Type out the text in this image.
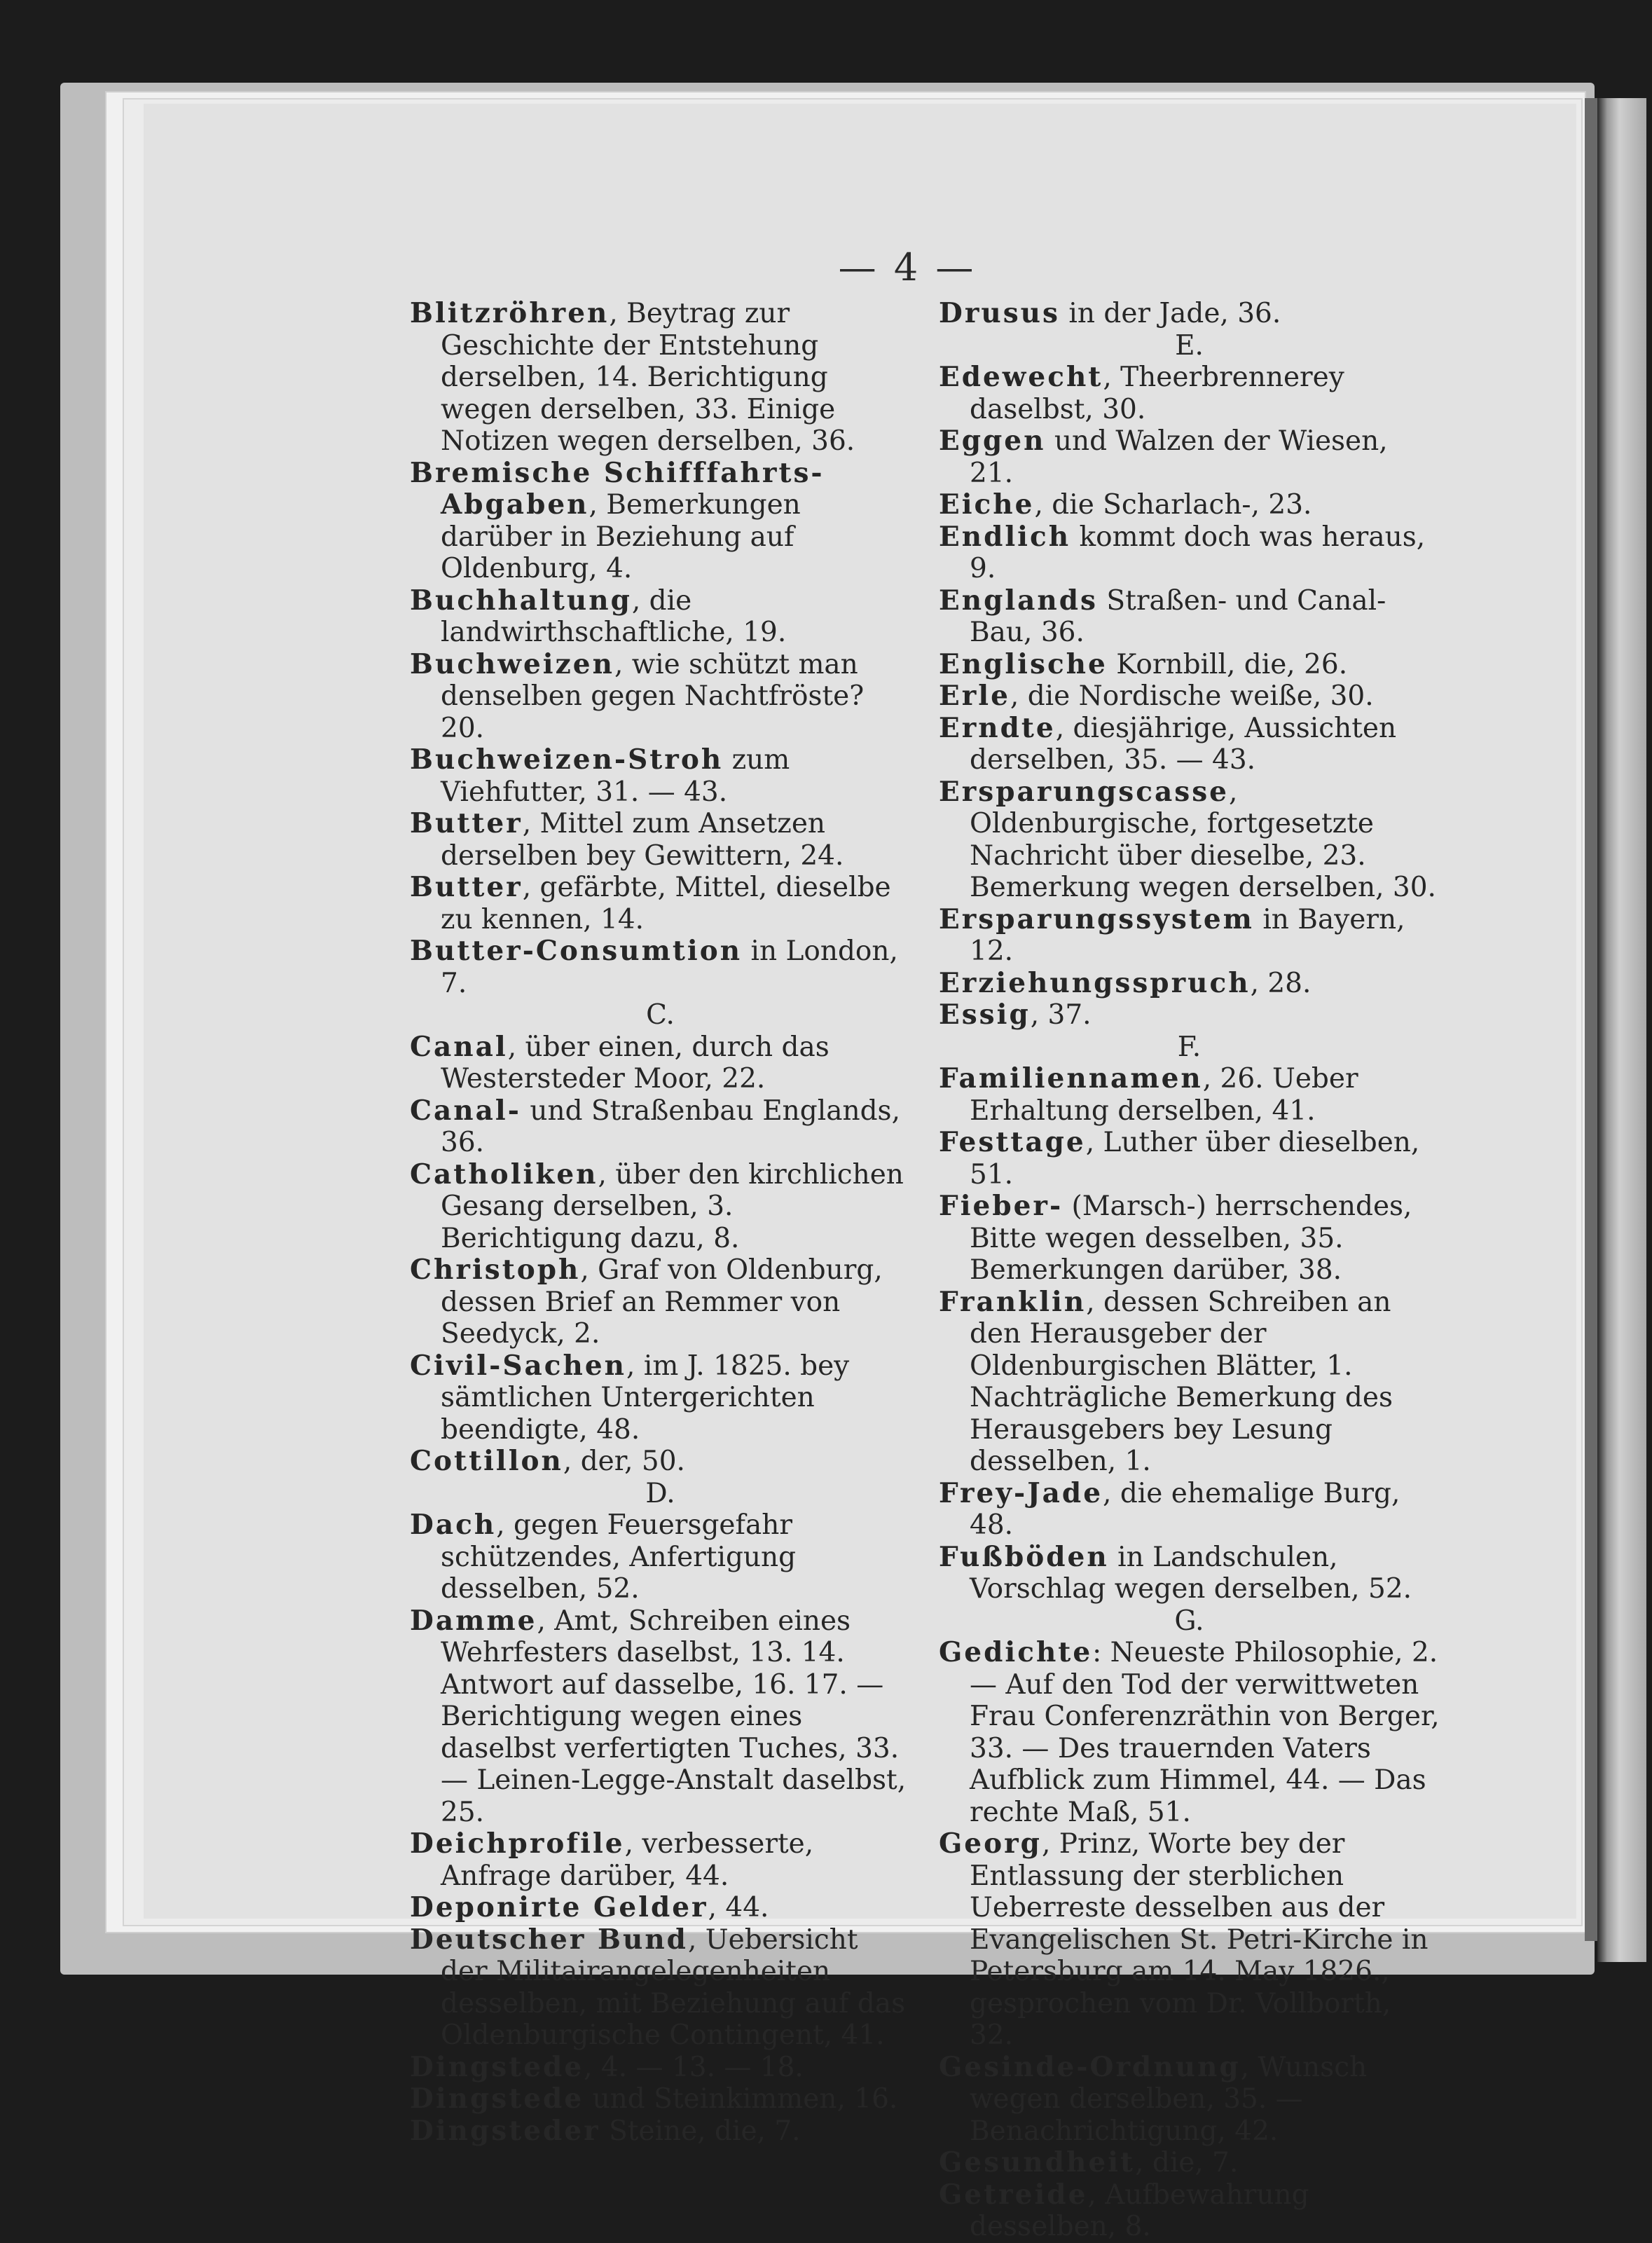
— 4 —

Blitzröhren, Beytrag zur Geschichte der Entstehung derselben, 14. Berichtigung wegen derselben, 33. Einige Notizen wegen derselben, 36.

Bremische Schifffahrts-Abgaben, Bemerkungen darüber in Beziehung auf Oldenburg, 4.

Buchhaltung, die landwirthschaftliche, 19.

Buchweizen, wie schützt man denselben gegen Nachtfröste? 20.

Buchweizen-Stroh zum Viehfutter, 31. — 43.

Butter, Mittel zum Ansetzen derselben bey Gewittern, 24.

Butter, gefärbte, Mittel, dieselbe zu kennen, 14.

Butter-Consumtion in London, 7.

C.

Canal, über einen, durch das Westersteder Moor, 22.

Canal- und Straßenbau Englands, 36.

Catholiken, über den kirchlichen Gesang derselben, 3. Berichtigung dazu, 8.

Christoph, Graf von Oldenburg, dessen Brief an Remmer von Seedyck, 2.

Civil-Sachen, im J. 1825. bey sämtlichen Untergerichten beendigte, 48.

Cottillon, der, 50.

D.

Dach, gegen Feuersgefahr schützendes, Anfertigung desselben, 52.

Damme, Amt, Schreiben eines Wehrfesters daselbst, 13. 14. Antwort auf dasselbe, 16. 17. — Berichtigung wegen eines daselbst verfertigten Tuches, 33. — Leinen-Legge-Anstalt daselbst, 25.

Deichprofile, verbesserte, Anfrage darüber, 44.

Deponirte Gelder, 44.

Deutscher Bund, Uebersicht der Militairangelegenheiten desselben, mit Beziehung auf das Oldenburgische Contingent, 41.

Dingstede, 4. — 13. — 18.

Dingstede und Steinkimmen, 16.

Dingsteder Steine, die, 7.

Drusus in der Jade, 36.

E.

Edewecht, Theerbrennerey daselbst, 30.

Eggen und Walzen der Wiesen, 21.

Eiche, die Scharlach-, 23.

Endlich kommt doch was heraus, 9.

Englands Straßen- und Canal-Bau, 36.

Englische Kornbill, die, 26.

Erle, die Nordische weiße, 30.

Erndte, diesjährige, Aussichten derselben, 35. — 43.

Ersparungscasse, Oldenburgische, fortgesetzte Nachricht über dieselbe, 23. Bemerkung wegen derselben, 30.

Ersparungssystem in Bayern, 12.

Erziehungsspruch, 28.

Essig, 37.

F.

Familiennamen, 26. Ueber Erhaltung derselben, 41.

Festtage, Luther über dieselben, 51.

Fieber- (Marsch-) herrschendes, Bitte wegen desselben, 35. Bemerkungen darüber, 38.

Franklin, dessen Schreiben an den Herausgeber der Oldenburgischen Blätter, 1. Nachträgliche Bemerkung des Herausgebers bey Lesung desselben, 1.

Frey-Jade, die ehemalige Burg, 48.

Fußböden in Landschulen, Vorschlag wegen derselben, 52.

G.

Gedichte: Neueste Philosophie, 2. — Auf den Tod der verwittweten Frau Conferenzräthin von Berger, 33. — Des trauernden Vaters Aufblick zum Himmel, 44. — Das rechte Maß, 51.

Georg, Prinz, Worte bey der Entlassung der sterblichen Ueberreste desselben aus der Evangelischen St. Petri-Kirche in Petersburg am 14. May 1826., gesprochen vom Dr. Vollborth, 32.

Gesinde-Ordnung, Wunsch wegen derselben, 35. — Benachrichtigung, 42.

Gesundheit, die, 7.

Getreide, Aufbewahrung desselben, 8.
